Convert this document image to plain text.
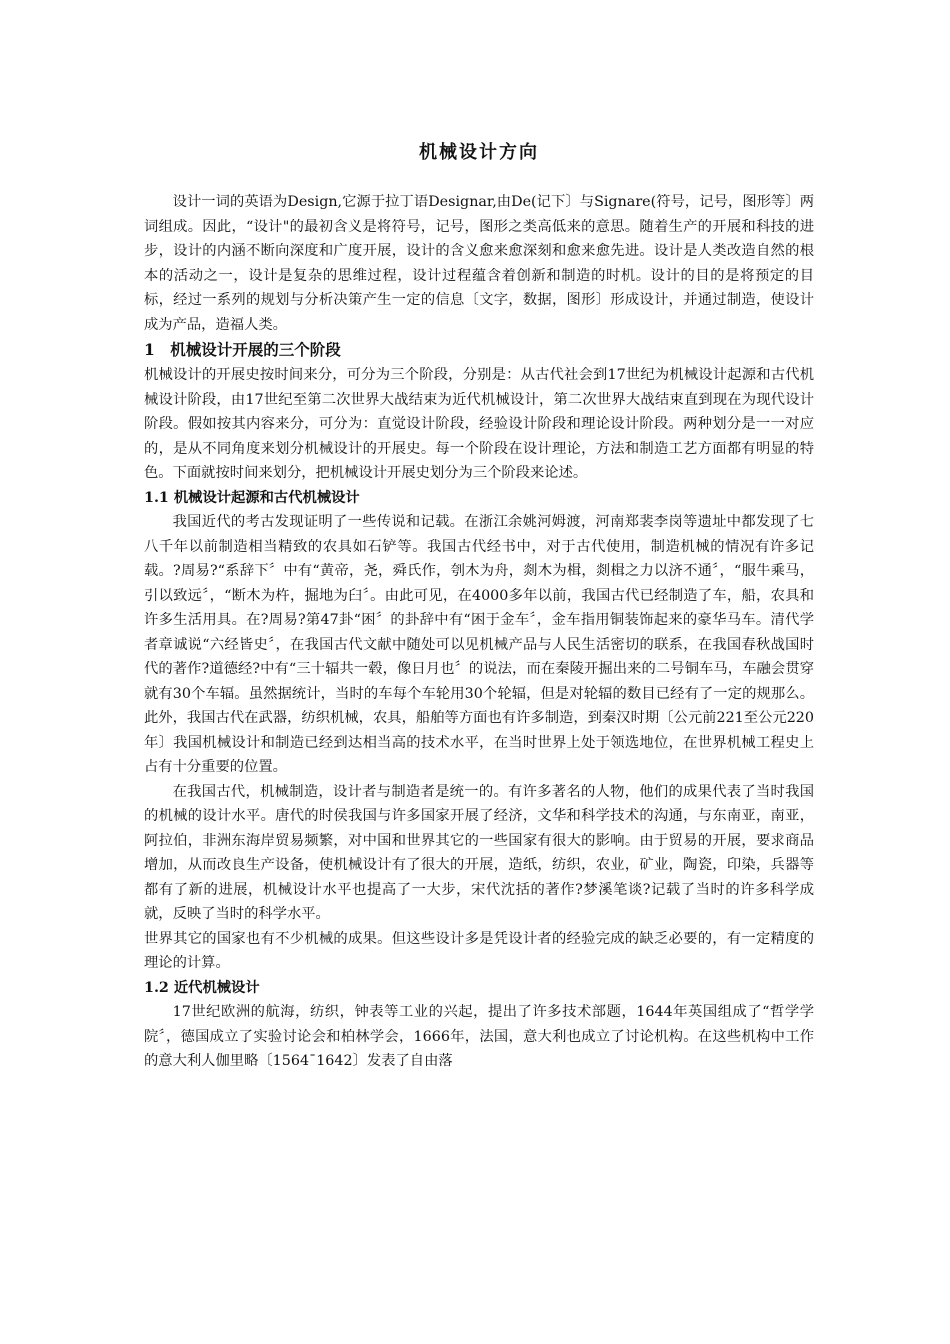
机械设计方向

设计一词的英语为Design,它源于拉丁语Designar,由De(记下〕与Signare(符号，记号，图形等〕两词组成。因此，“设计"的最初含义是将符号，记号，图形之类高低来的意思。随着生产的开展和科技的进步，设计的内涵不断向深度和广度开展，设计的含义愈来愈深刻和愈来愈先进。设计是人类改造自然的根本的活动之一，设计是复杂的思维过程，设计过程蕴含着创新和制造的时机。设计的目的是将预定的目标，经过一系列的规划与分析决策产生一定的信息〔文字，数据，图形〕形成设计，并通过制造，使设计成为产品，造福人类。

1　机械设计开展的三个阶段

机械设计的开展史按时间来分，可分为三个阶段，分别是：从古代社会到17世纪为机械设计起源和古代机械设计阶段，由17世纪至第二次世界大战结束为近代机械设计，第二次世界大战结束直到现在为现代设计阶段。假如按其内容来分，可分为：直觉设计阶段，经验设计阶段和理论设计阶段。两种划分是一一对应的，是从不同角度来划分机械设计的开展史。每一个阶段在设计理论，方法和制造工艺方面都有明显的特色。下面就按时间来划分，把机械设计开展史划分为三个阶段来论述。

1.1 机械设计起源和古代机械设计

我国近代的考古发现证明了一些传说和记载。在浙江余姚河姆渡，河南郑裴李岗等遗址中都发现了七八千年以前制造相当精致的农具如石铲等。我国古代经书中，对于古代使用，制造机械的情况有许多记载。?周易?“系辞下〞中有“黄帝，尧，舜氏作，刳木为舟，剡木为楫，剡楫之力以济不通〞，“服牛乘马，引以致远〞，“断木为杵，掘地为臼〞。由此可见，在4000多年以前，我国古代已经制造了车，船，农具和许多生活用具。在?周易?第47卦“困〞的卦辞中有“困于金车〞，金车指用铜装饰起来的豪华马车。清代学者章诚说“六经皆史〞，在我国古代文献中随处可以见机械产品与人民生活密切的联系，在我国春秋战国时代的著作?道德经?中有“三十辐共一毂，像日月也〞的说法，而在秦陵开掘出来的二号铜车马，车融会贯穿就有30个车辐。虽然据统计，当时的车每个车轮用30个轮辐，但是对轮辐的数目已经有了一定的规那么。此外，我国古代在武器，纺织机械，农具，船舶等方面也有许多制造，到秦汉时期〔公元前221至公元220年〕我国机械设计和制造已经到达相当高的技术水平，在当时世界上处于领选地位，在世界机械工程史上占有十分重要的位置。

在我国古代，机械制造，设计者与制造者是统一的。有许多著名的人物，他们的成果代表了当时我国的机械的设计水平。唐代的时侯我国与许多国家开展了经济，文华和科学技术的沟通，与东南亚，南亚，阿拉伯，非洲东海岸贸易频繁，对中国和世界其它的一些国家有很大的影响。由于贸易的开展，要求商品增加，从而改良生产设备，使机械设计有了很大的开展，造纸，纺织，农业，矿业，陶瓷，印染，兵器等都有了新的进展，机械设计水平也提高了一大步，宋代沈括的著作?梦溪笔谈?记载了当时的许多科学成就，反映了当时的科学水平。

世界其它的国家也有不少机械的成果。但这些设计多是凭设计者的经验完成的缺乏必要的，有一定精度的理论的计算。

1.2 近代机械设计

17世纪欧洲的航海，纺织，钟表等工业的兴起，提出了许多技术部题，1644年英国组成了“哲学学院〞，德国成立了实验讨论会和柏林学会，1666年，法国，意大利也成立了讨论机构。在这些机构中工作的意大利人伽里略〔1564¯1642〕发表了自由落
